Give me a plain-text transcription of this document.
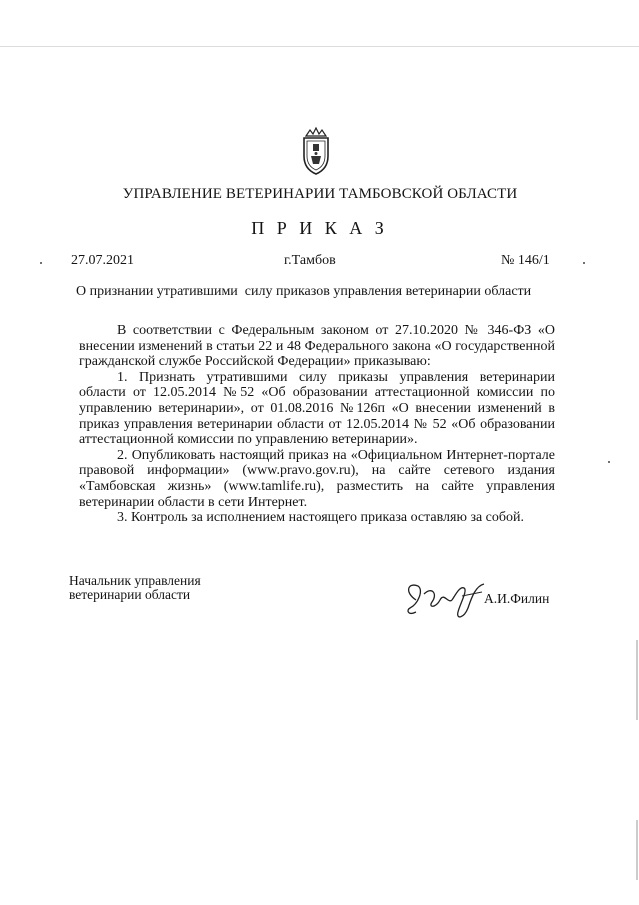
УПРАВЛЕНИЕ ВЕТЕРИНАРИИ ТАМБОВСКОЙ ОБЛАСТИ
П Р И К А З
27.07.2021	г.Тамбов	№ 146/1
О признании утратившими  силу приказов управления ветеринарии области

В соответствии с Федеральным законом от 27.10.2020 № 346-ФЗ «О внесении изменений в статьи 22 и 48 Федерального закона «О государственной гражданской службе Российской Федерации» приказываю:

1. Признать утратившими силу приказы управления ветеринарии области от 12.05.2014 №52 «Об образовании аттестационной комиссии по управлению ветеринарии», от 01.08.2016 №126п «О внесении изменений в приказ управления ветеринарии области от 12.05.2014 № 52 «Об образовании аттестационной комиссии по управлению ветеринарии».

2. Опубликовать настоящий приказ на «Официальном Интернет-портале правовой информации» (www.pravo.gov.ru), на сайте сетевого издания «Тамбовская жизнь» (www.tamlife.ru), разместить на сайте управления ветеринарии области в сети Интернет.

3. Контроль за исполнением настоящего приказа оставляю за собой.

Начальник управления
ветеринарии области	А.И.Филин
